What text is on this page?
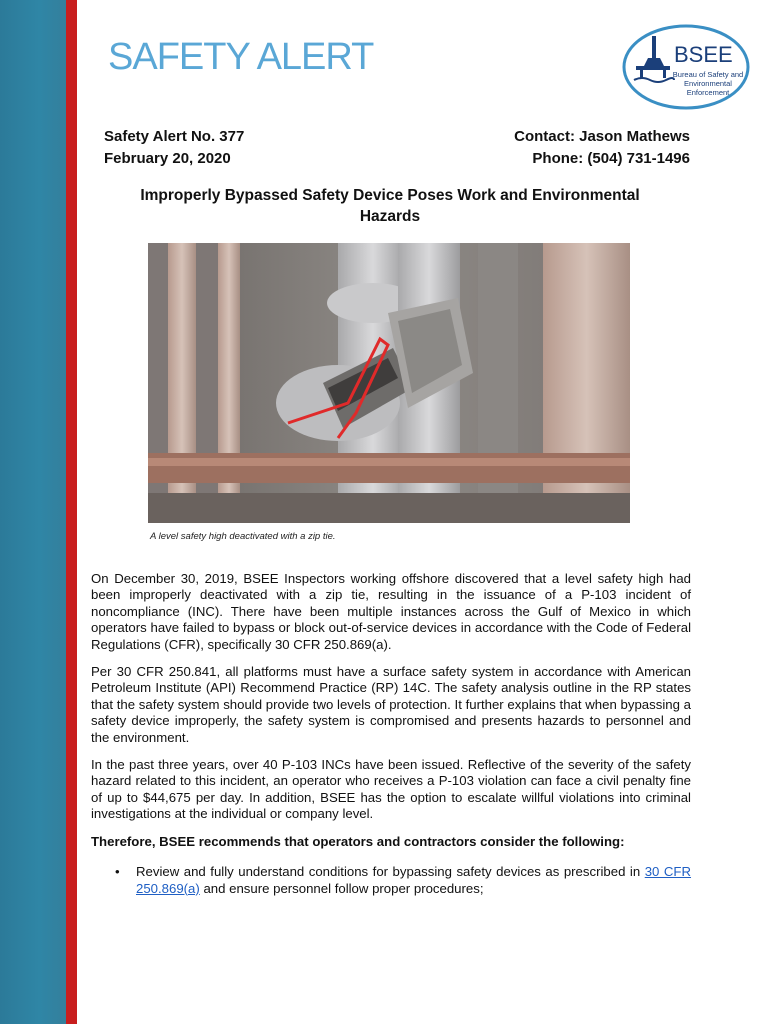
SAFETY ALERT	BSEE
Bureau of Safety and
Environmental
Enforcement
Safety Alert No. 377
February 20, 2020
Contact: Jason Mathews
Phone: (504) 731-1496
Improperly Bypassed Safety Device Poses Work and Environmental Hazards
A level safety high deactivated with a zip tie.

On December 30, 2019, BSEE Inspectors working offshore discovered that a level safety high had been improperly deactivated with a zip tie, resulting in the issuance of a P-103 incident of noncompliance (INC). There have been multiple instances across the Gulf of Mexico in which operators have failed to bypass or block out-of-service devices in accordance with the Code of Federal Regulations (CFR), specifically 30 CFR 250.869(a).

Per 30 CFR 250.841, all platforms must have a surface safety system in accordance with American Petroleum Institute (API) Recommend Practice (RP) 14C. The safety analysis outline in the RP states that the safety system should provide two levels of protection. It further explains that when bypassing a safety device improperly, the safety system is compromised and presents hazards to personnel and the environment.

In the past three years, over 40 P-103 INCs have been issued. Reflective of the severity of the safety hazard related to this incident, an operator who receives a P-103 violation can face a civil penalty fine of up to $44,675 per day. In addition, BSEE has the option to escalate willful violations into criminal investigations at the individual or company level.

Therefore, BSEE recommends that operators and contractors consider the following:

• Review and fully understand conditions for bypassing safety devices as prescribed in 30 CFR 250.869(a) and ensure personnel follow proper procedures;
